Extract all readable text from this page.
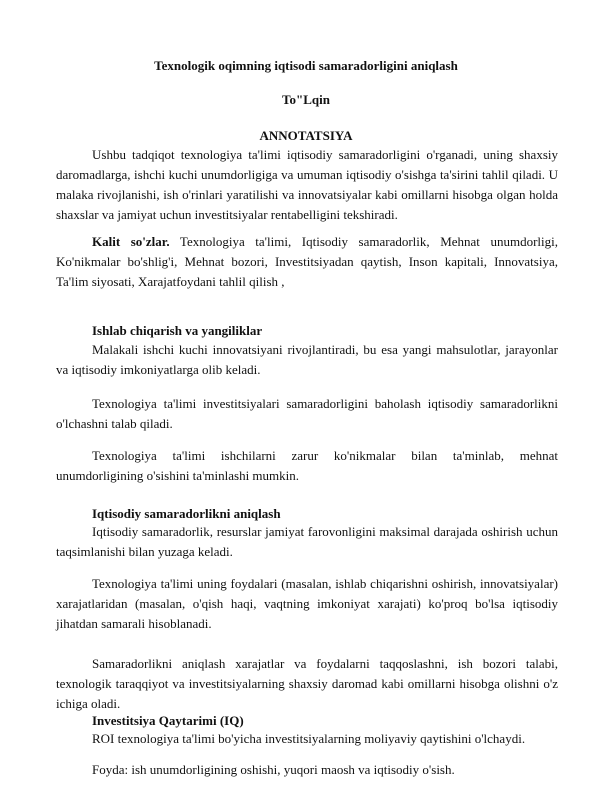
Texnologik oqimning iqtisodi samaradorligini aniqlash
To"Lqin
ANNOTATSIYA

Ushbu tadqiqot texnologiya ta'limi iqtisodiy samaradorligini o'rganadi, uning shaxsiy daromadlarga, ishchi kuchi unumdorligiga va umuman iqtisodiy o'sishga ta'sirini tahlil qiladi. U malaka rivojlanishi, ish o'rinlari yaratilishi va innovatsiyalar kabi omillarni hisobga olgan holda shaxslar va jamiyat uchun investitsiyalar rentabelligini tekshiradi.

Kalit so'zlar. Texnologiya ta'limi, Iqtisodiy samaradorlik, Mehnat unumdorligi, Ko'nikmalar bo'shlig'i, Mehnat bozori, Investitsiyadan qaytish, Inson kapitali, Innovatsiya, Ta'lim siyosati, Xarajatfoydani tahlil qilish ,

Ishlab chiqarish va yangiliklar

Malakali ishchi kuchi innovatsiyani rivojlantiradi, bu esa yangi mahsulotlar, jarayonlar va iqtisodiy imkoniyatlarga olib keladi.

Texnologiya ta'limi investitsiyalari samaradorligini baholash iqtisodiy samaradorlikni o'lchashni talab qiladi.

Texnologiya ta'limi ishchilarni zarur ko'nikmalar bilan ta'minlab, mehnat unumdorligining o'sishini ta'minlashi mumkin.

Iqtisodiy samaradorlikni aniqlash

Iqtisodiy samaradorlik, resurslar jamiyat farovonligini maksimal darajada oshirish uchun taqsimlanishi bilan yuzaga keladi.

Texnologiya ta'limi uning foydalari (masalan, ishlab chiqarishni oshirish, innovatsiyalar) xarajatlaridan (masalan, o'qish haqi, vaqtning imkoniyat xarajati) ko'proq bo'lsa iqtisodiy jihatdan samarali hisoblanadi.

Samaradorlikni aniqlash xarajatlar va foydalarni taqqoslashni, ish bozori talabi, texnologik taraqqiyot va investitsiyalarning shaxsiy daromad kabi omillarni hisobga olishni o'z ichiga oladi.

Investitsiya Qaytarimi (IQ)

ROI texnologiya ta'limi bo'yicha investitsiyalarning moliyaviy qaytishini o'lchaydi.

Foyda: ish unumdorligining oshishi, yuqori maosh va iqtisodiy o'sish.
